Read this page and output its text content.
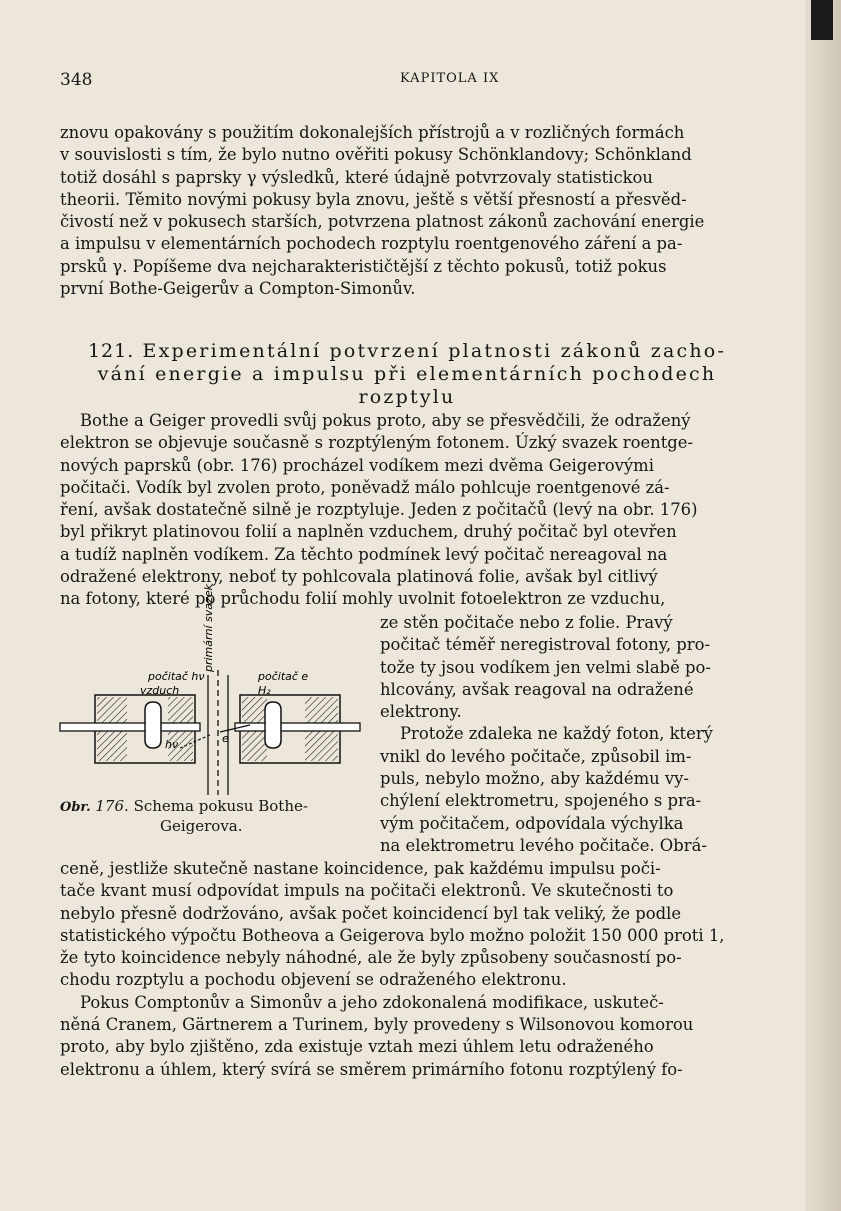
348	KAPITOLA IX

znovu opakovány s použitím dokonalejších přístrojů a v rozličných formách

v souvislosti s tím, že bylo nutno ověřiti pokusy Schönklandovy; Schönkland

totiž dosáhl s paprsky γ výsledků, které údajně potvrzovaly statistickou

theorii. Těmito novými pokusy byla znovu, ještě s větší přesností a přesvěd-

čivostí než v pokusech starších, potvrzena platnost zákonů zachování energie

a impulsu v elementárních pochodech rozptylu roentgenového záření a pa-

prsků γ. Popíšeme dva nejcharakterističtější z těchto pokusů, totiž pokus

první Bothe-Geigerův a Compton-Simonův.

121. Experimentální potvrzení platnosti zákonů zacho-
vání energie a impulsu při elementárních pochodech
rozptylu

Bothe a Geiger provedli svůj pokus proto, aby se přesvědčili, že odražený

elektron se objevuje současně s rozptýleným fotonem. Úzký svazek roentge-

nových paprsků (obr. 176) procházel vodíkem mezi dvěma Geigerovými

počitači. Vodík byl zvolen proto, poněvadž málo pohlcuje roentgenové zá-

ření, avšak dostatečně silně je rozptyluje. Jeden z počitačů (levý na obr. 176)

byl přikryt platinovou folií a naplněn vzduchem, druhý počitač byl otevřen

a tudíž naplněn vodíkem. Za těchto podmínek levý počitač nereagoval na

odražené elektrony, neboť ty pohlcovala platinová folie, avšak byl citlivý

na fotony, které po průchodu folií mohly uvolnit fotoelektron ze vzduchu,

počitač hν	počitač e
vzduch	H₂
hν	e
primární svazek
Obr. 176. Schema pokusu Bothe-
Geigerova.

ze stěn počitače nebo z folie. Pravý

počitač téměř neregistroval fotony, pro-

tože ty jsou vodíkem jen velmi slabě po-

hlcovány, avšak reagoval na odražené

elektrony.

Protože zdaleka ne každý foton, který

vnikl do levého počitače, způsobil im-

puls, nebylo možno, aby každému vy-

chýlení elektrometru, spojeného s pra-

vým počitačem, odpovídala výchylka

na elektrometru levého počitače. Obrá-

ceně, jestliže skutečně nastane koincidence, pak každému impulsu poči-

tače kvant musí odpovídat impuls na počitači elektronů. Ve skutečnosti to

nebylo přesně dodržováno, avšak počet koincidencí byl tak veliký, že podle

statistického výpočtu Botheova a Geigerova bylo možno položit 150 000 proti 1,

že tyto koincidence nebyly náhodné, ale že byly způsobeny současností po-

chodu rozptylu a pochodu objevení se odraženého elektronu.

Pokus Comptonův a Simonův a jeho zdokonalená modifikace, uskuteč-

něná Cranem, Gärtnerem a Turinem, byly provedeny s Wilsonovou komorou

proto, aby bylo zjištěno, zda existuje vztah mezi úhlem letu odraženého

elektronu a úhlem, který svírá se směrem primárního fotonu rozptýlený fo-
